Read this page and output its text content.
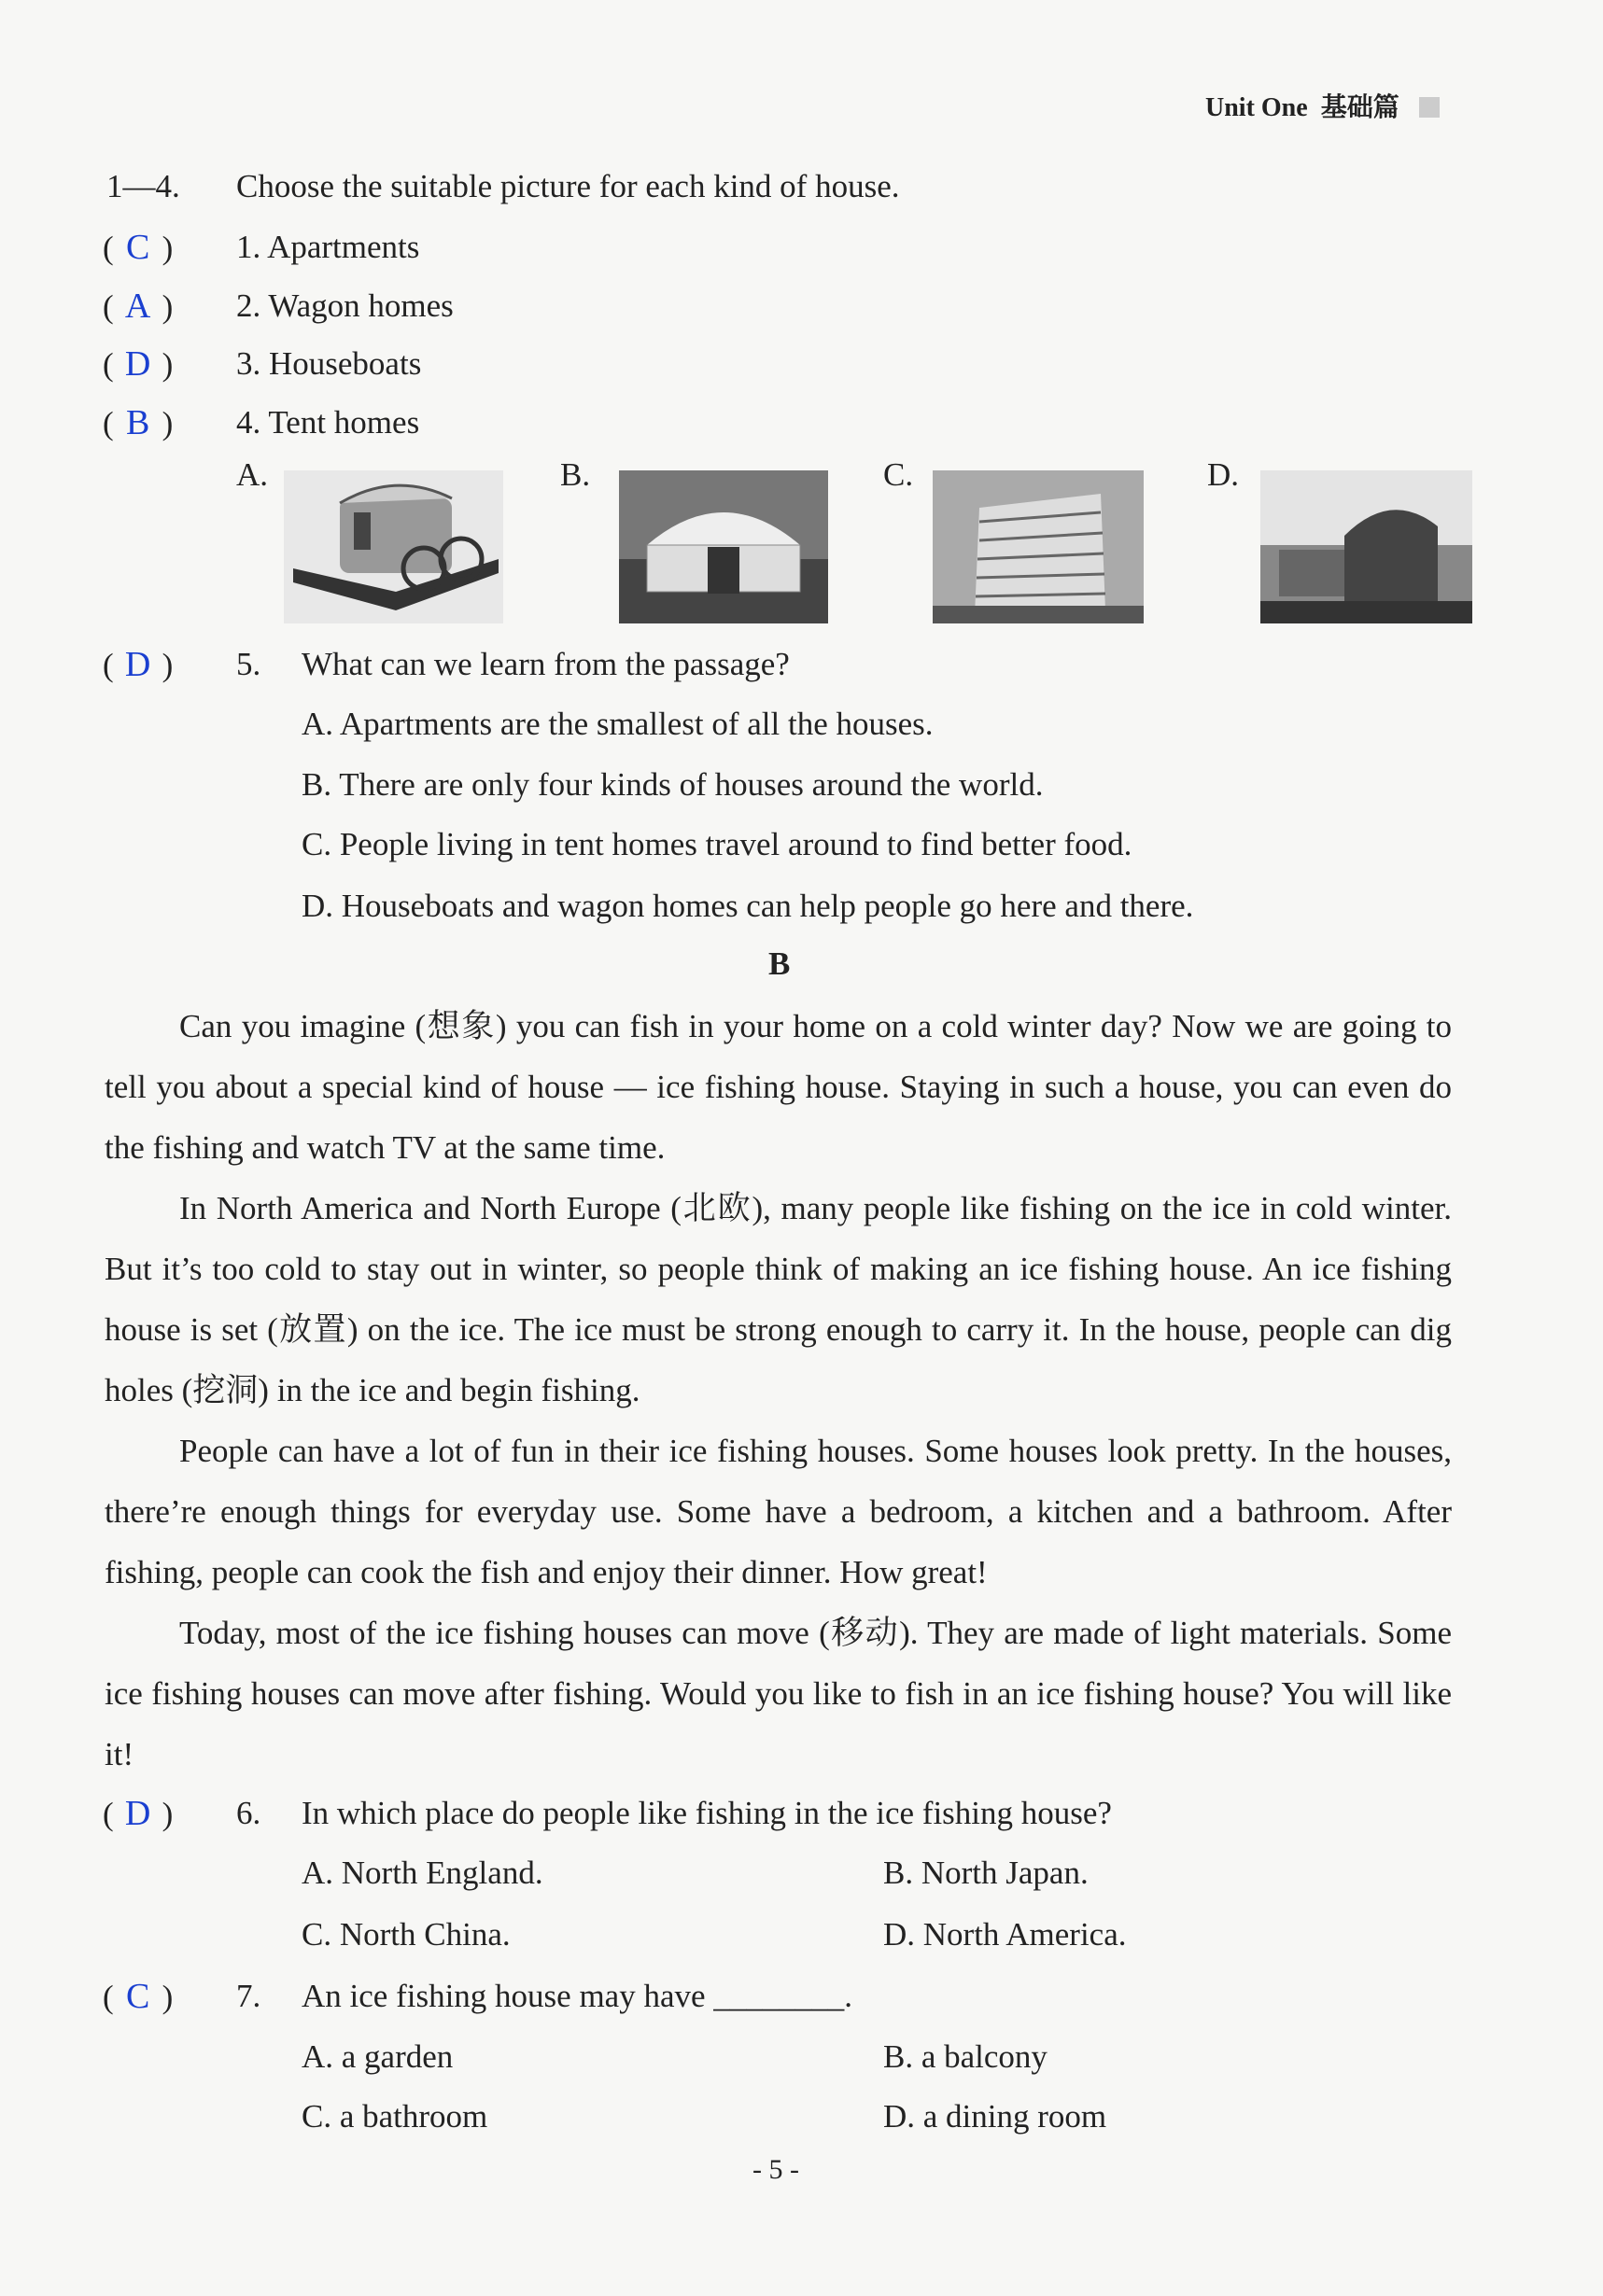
Unit One 基础篇
1—4. Choose the suitable picture for each kind of house.
( C ) 1. Apartments
( A ) 2. Wagon homes
( D ) 3. Houseboats
( B ) 4. Tent homes
A.	B.	C.	D.
( D ) 5. What can we learn from the passage?
A. Apartments are the smallest of all the houses.
B. There are only four kinds of houses around the world.
C. People living in tent homes travel around to find better food.
D. Houseboats and wagon homes can help people go here and there.
B
Can you imagine (想象) you can fish in your home on a cold winter day? Now we are going to tell you about a special kind of house — ice fishing house. Staying in such a house, you can even do the fishing and watch TV at the same time.
In North America and North Europe (北欧), many people like fishing on the ice in cold winter. But it’s too cold to stay out in winter, so people think of making an ice fishing house. An ice fishing house is set (放置) on the ice. The ice must be strong enough to carry it. In the house, people can dig holes (挖洞) in the ice and begin fishing.
People can have a lot of fun in their ice fishing houses. Some houses look pretty. In the houses, there’re enough things for everyday use. Some have a bedroom, a kitchen and a bathroom. After fishing, people can cook the fish and enjoy their dinner. How great!
Today, most of the ice fishing houses can move (移动). They are made of light materials. Some ice fishing houses can move after fishing. Would you like to fish in an ice fishing house? You will like it!
( D ) 6. In which place do people like fishing in the ice fishing house?
A. North England.	B. North Japan.
C. North China.	D. North America.
( C ) 7. An ice fishing house may have ________.
A. a garden	B. a balcony
C. a bathroom	D. a dining room
- 5 -
